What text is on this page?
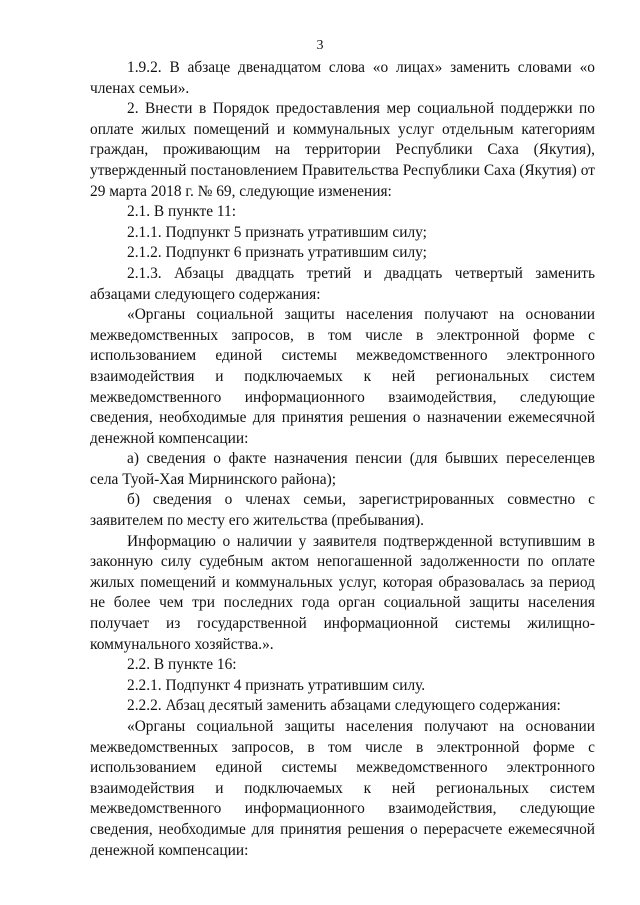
3

1.9.2. В абзаце двенадцатом слова «о лицах» заменить словами «о членах семьи».

2. Внести в Порядок предоставления мер социальной поддержки по оплате жилых помещений и коммунальных услуг отдельным категориям граждан, проживающим на территории Республики Саха (Якутия), утвержденный постановлением Правительства Республики Саха (Якутия) от 29 марта 2018 г. № 69, следующие изменения:

2.1. В пункте 11:

2.1.1. Подпункт 5 признать утратившим силу;

2.1.2. Подпункт 6 признать утратившим силу;

2.1.3. Абзацы двадцать третий и двадцать четвертый заменить абзацами следующего содержания:

«Органы социальной защиты населения получают на основании межведомственных запросов, в том числе в электронной форме с использованием единой системы межведомственного электронного взаимодействия и подключаемых к ней региональных систем межведомственного информационного взаимодействия, следующие сведения, необходимые для принятия решения о назначении ежемесячной денежной компенсации:

а) сведения о факте назначения пенсии (для бывших переселенцев села Туой-Хая Мирнинского района);

б) сведения о членах семьи, зарегистрированных совместно с заявителем по месту его жительства (пребывания).

Информацию о наличии у заявителя подтвержденной вступившим в законную силу судебным актом непогашенной задолженности по оплате жилых помещений и коммунальных услуг, которая образовалась за период не более чем три последних года орган социальной защиты населения получает из государственной информационной системы жилищно-коммунального хозяйства.».

2.2. В пункте 16:

2.2.1. Подпункт 4 признать утратившим силу.

2.2.2. Абзац десятый заменить абзацами следующего содержания:

«Органы социальной защиты населения получают на основании межведомственных запросов, в том числе в электронной форме с использованием единой системы межведомственного электронного взаимодействия и подключаемых к ней региональных систем межведомственного информационного взаимодействия, следующие сведения, необходимые для принятия решения о перерасчете ежемесячной денежной компенсации:
